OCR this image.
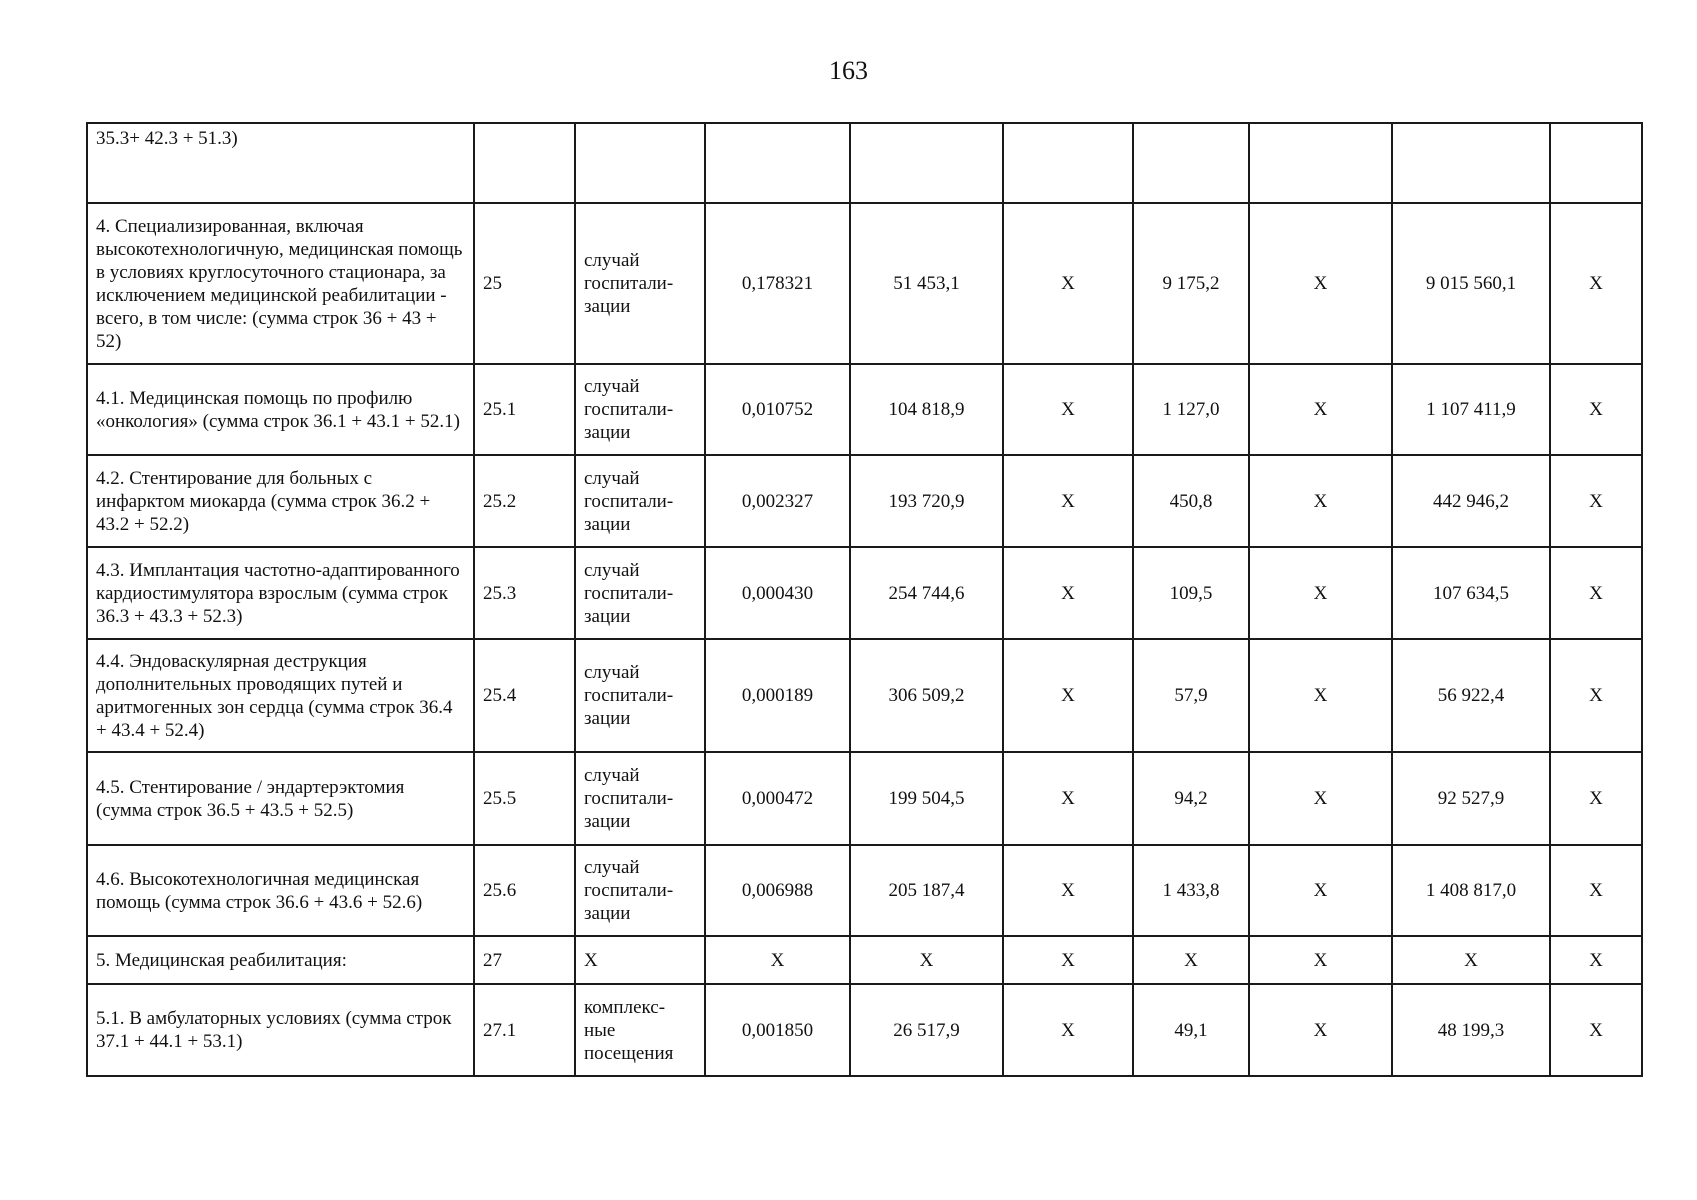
163
35.3+ 42.3 + 51.3)									
4. Специализированная, включая высокотехнологичную, медицинская помощь в условиях круглосуточного стационара, за исключением медицинской реабилитации - всего, в том числе: (сумма строк 36 + 43 + 52)	25	случай госпитали-зации	0,178321	51 453,1	X	9 175,2	X	9 015 560,1	X
4.1. Медицинская помощь по профилю «онкология» (сумма строк 36.1 + 43.1 + 52.1)	25.1	случай госпитали-зации	0,010752	104 818,9	X	1 127,0	X	1 107 411,9	X
4.2. Стентирование для больных с инфарктом миокарда (сумма строк 36.2 + 43.2 + 52.2)	25.2	случай госпитали-зации	0,002327	193 720,9	X	450,8	X	442 946,2	X
4.3. Имплантация частотно-адаптированного кардиостимулятора взрослым (сумма строк 36.3 + 43.3 + 52.3)	25.3	случай госпитали-зации	0,000430	254 744,6	X	109,5	X	107 634,5	X
4.4. Эндоваскулярная деструкция дополнительных проводящих путей и аритмогенных зон сердца (сумма строк 36.4 + 43.4 + 52.4)	25.4	случай госпитали-зации	0,000189	306 509,2	X	57,9	X	56 922,4	X
4.5. Стентирование / эндартерэктомия (сумма строк 36.5 + 43.5 + 52.5)	25.5	случай госпитали-зации	0,000472	199 504,5	X	94,2	X	92 527,9	X
4.6. Высокотехнологичная медицинская помощь (сумма строк 36.6 + 43.6 + 52.6)	25.6	случай госпитали-зации	0,006988	205 187,4	X	1 433,8	X	1 408 817,0	X
5. Медицинская реабилитация:	27	X	X	X	X	X	X	X	X
5.1. В амбулаторных условиях (сумма строк 37.1 + 44.1 + 53.1)	27.1	комплекс-ные посещения	0,001850	26 517,9	X	49,1	X	48 199,3	X
